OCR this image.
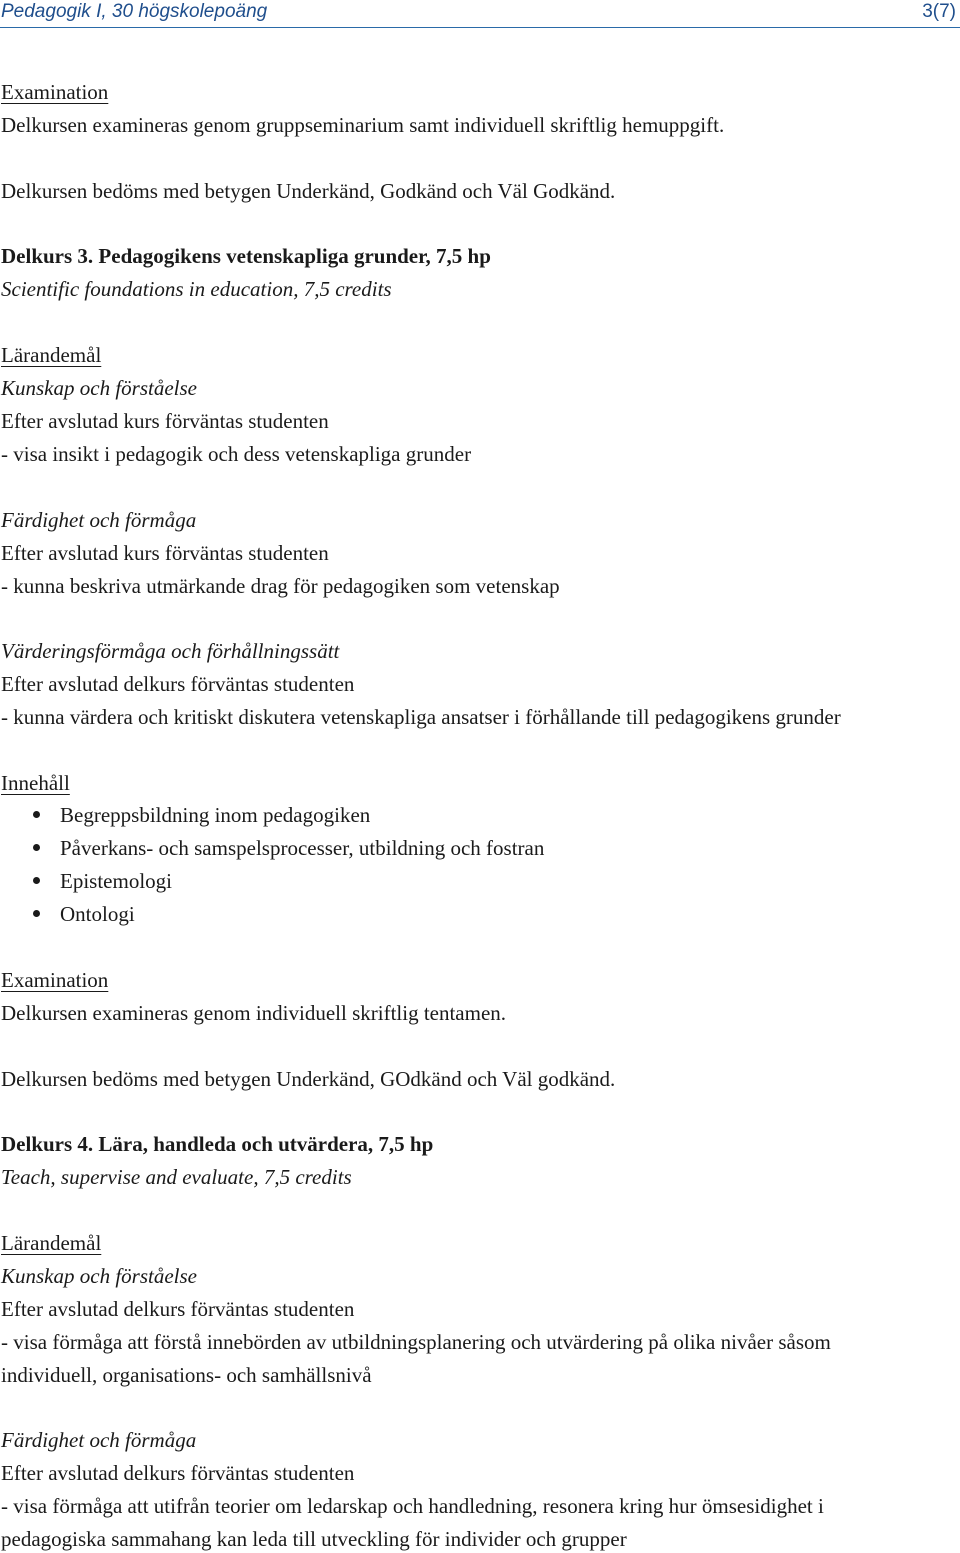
Pedagogik I, 30 högskolepoäng	3(7)
Examination
Delkursen examineras genom gruppseminarium samt individuell skriftlig hemuppgift.
Delkursen bedöms med betygen Underkänd, Godkänd och Väl Godkänd.
Delkurs 3. Pedagogikens vetenskapliga grunder, 7,5 hp
Scientific foundations in education, 7,5 credits
Lärandemål
Kunskap och förståelse
Efter avslutad kurs förväntas studenten
- visa insikt i pedagogik och dess vetenskapliga grunder
Färdighet och förmåga
Efter avslutad kurs förväntas studenten
- kunna beskriva utmärkande drag för pedagogiken som vetenskap
Värderingsförmåga och förhållningssätt
Efter avslutad delkurs förväntas studenten
- kunna värdera och kritiskt diskutera vetenskapliga ansatser i förhållande till pedagogikens grunder
Innehåll
Begreppsbildning inom pedagogiken
Påverkans- och samspelsprocesser, utbildning och fostran
Epistemologi
Ontologi
Examination
Delkursen examineras genom individuell skriftlig tentamen.
Delkursen bedöms med betygen Underkänd, GOdkänd och Väl godkänd.
Delkurs 4. Lära, handleda och utvärdera, 7,5 hp
Teach, supervise and evaluate, 7,5 credits
Lärandemål
Kunskap och förståelse
Efter avslutad delkurs förväntas studenten
- visa förmåga att förstå innebörden av utbildningsplanering och utvärdering på olika nivåer såsom
individuell, organisations- och samhällsnivå
Färdighet och förmåga
Efter avslutad delkurs förväntas studenten
- visa förmåga att utifrån teorier om ledarskap och handledning, resonera kring hur ömsesidighet i
pedagogiska sammahang kan leda till utveckling för individer och grupper
